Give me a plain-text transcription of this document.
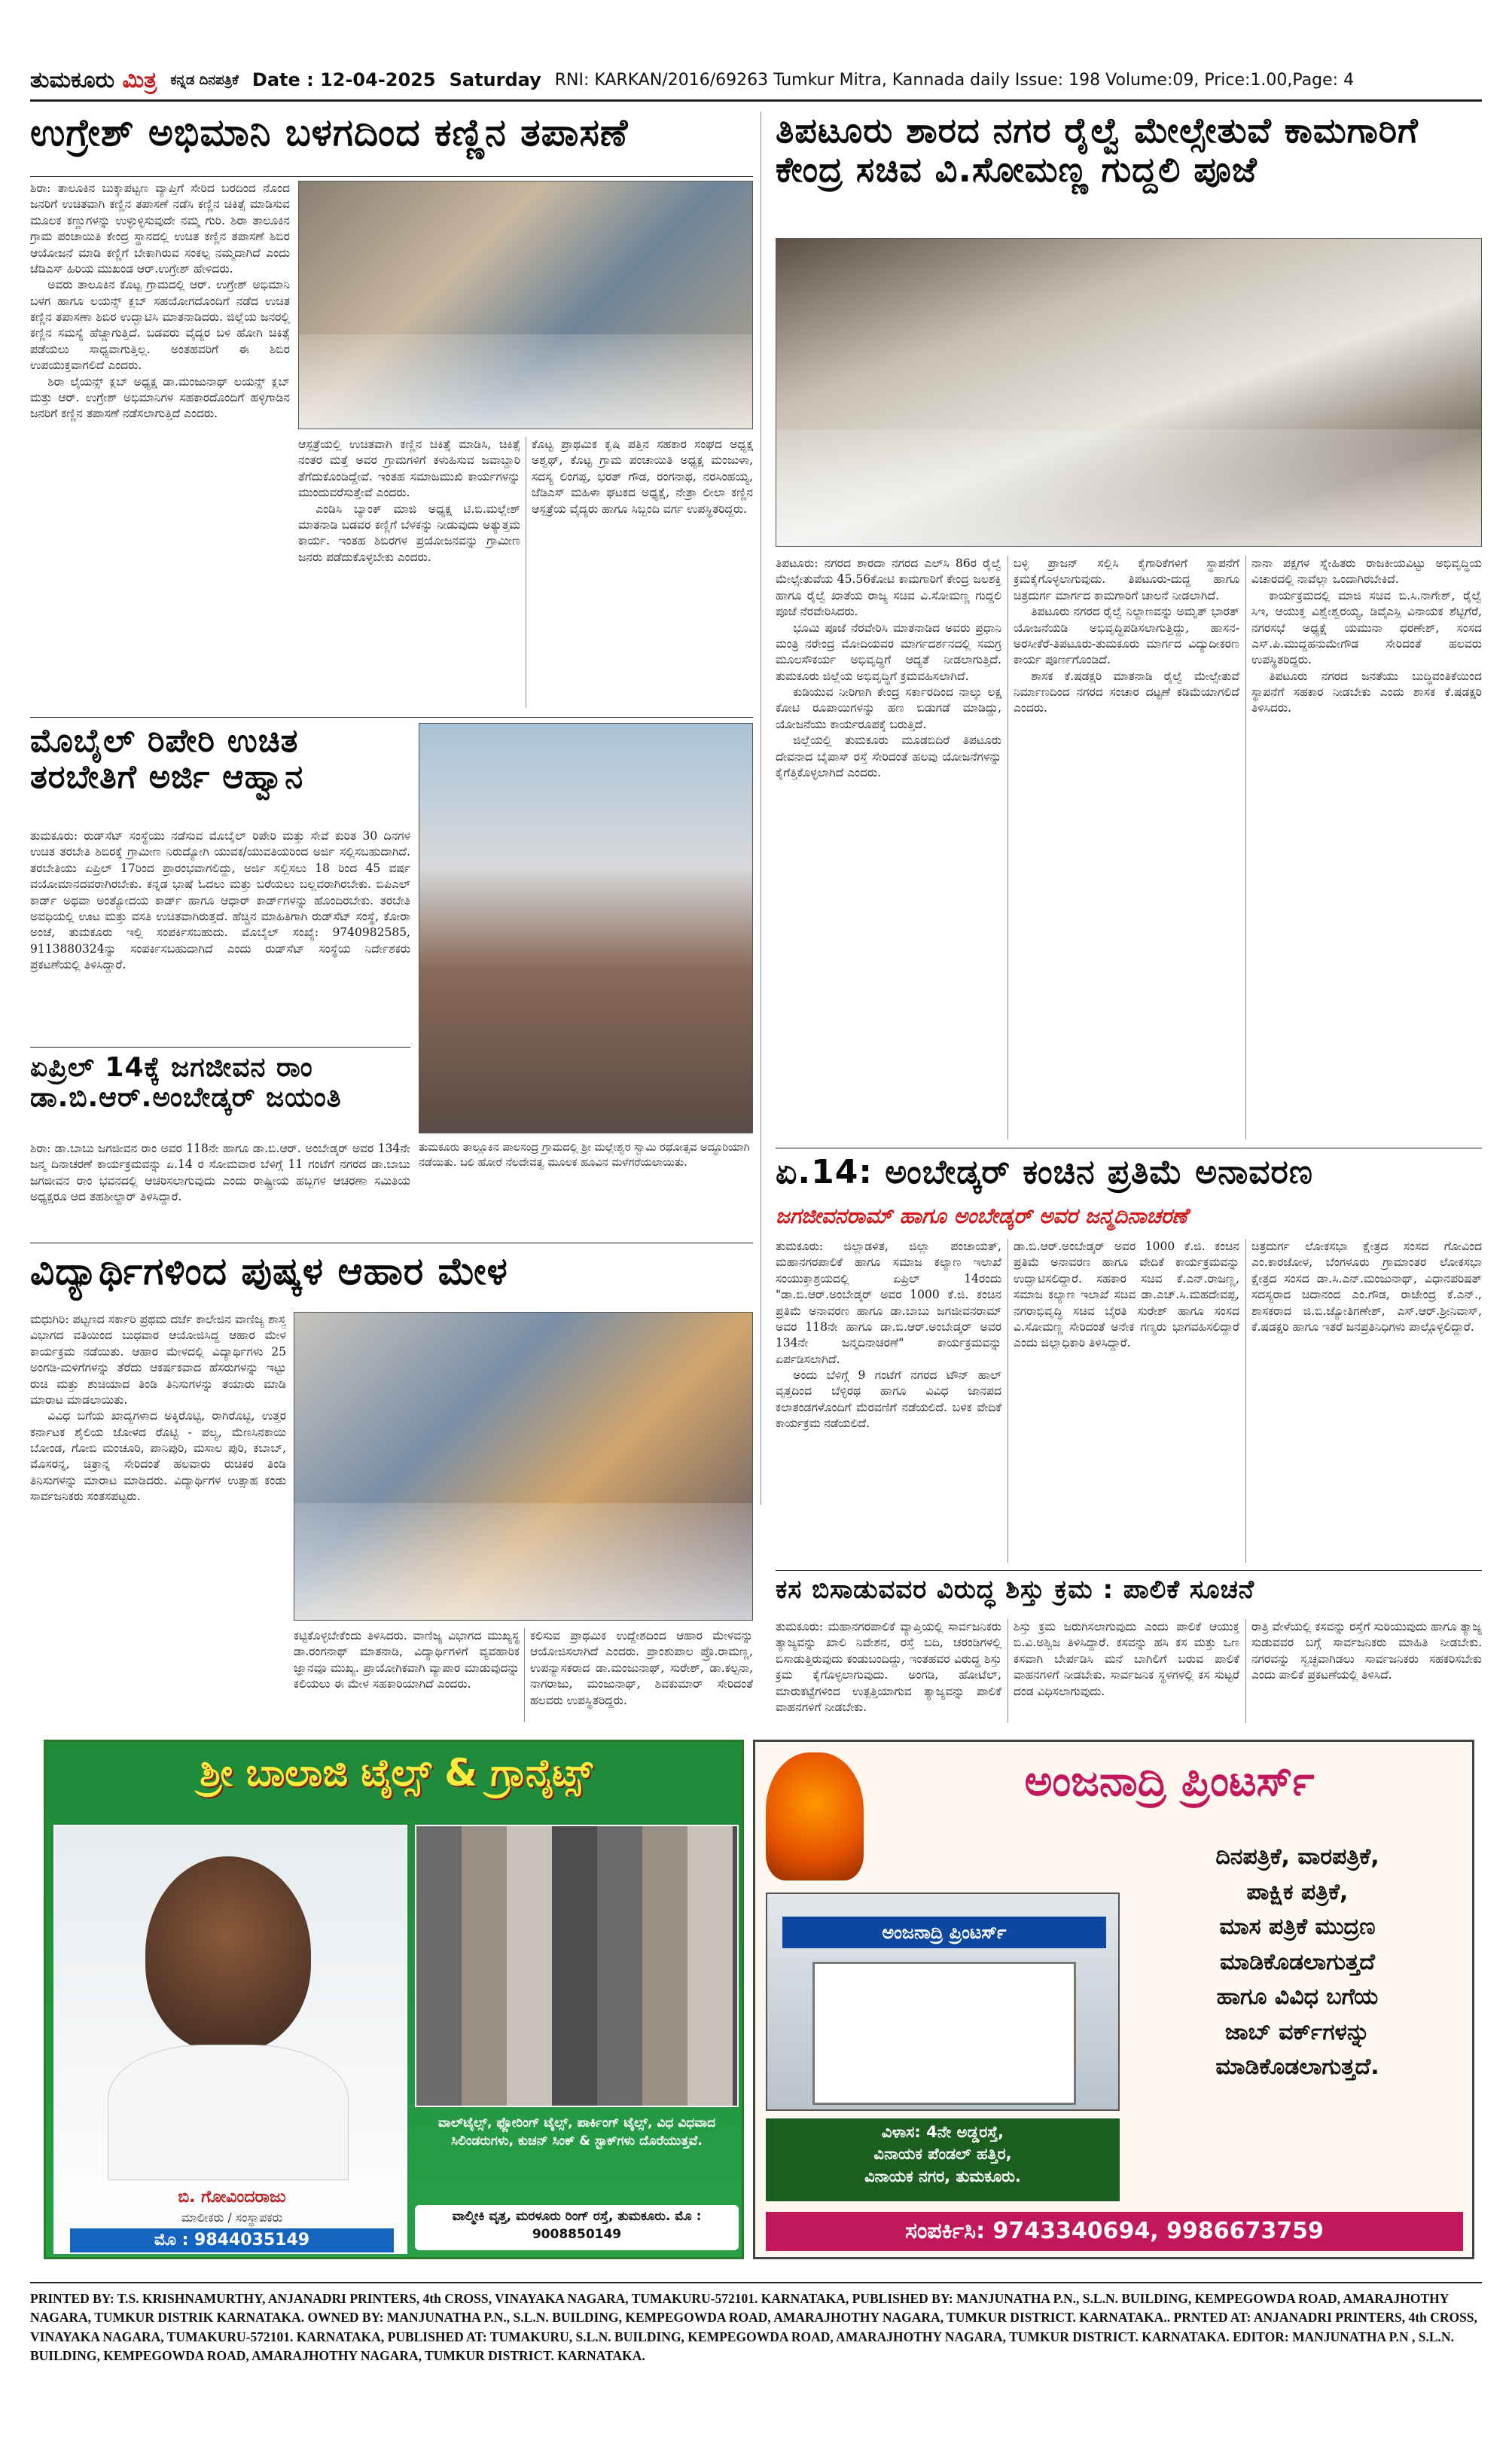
ತುಮಕೂರು ಮಿತ್ರ ಕನ್ನಡ ದಿನಪತ್ರಿಕೆ Date : 12-04-2025 Saturday RNI: KARKAN/2016/69263 Tumkur Mitra, Kannada daily Issue: 198 Volume:09, Price:1.00,Page: 4
ಉಗ್ರೇಶ್ ಅಭಿಮಾನಿ ಬಳಗದಿಂದ ಕಣ್ಣಿನ ತಪಾಸಣೆ
ಶಿರಾ: ತಾಲೂಕಿನ ಬುಕ್ಕಾಪಟ್ಟಣ ವ್ಯಾಪ್ತಿಗೆ ಸೇರಿದ ಬರದಿಂದ ನೊಂದ ಜನರಿಗೆ ಉಚಿತವಾಗಿ ಕಣ್ಣಿನ ತಪಾಸಣೆ ನಡೆಸಿ ಕಣ್ಣಿನ ಚಿಕಿತ್ಸೆ ಮಾಡಿಸುವ ಮೂಲಕ ಕಣ್ಣುಗಳನ್ನು ಉಳ್ಳುಳ್ಳಿಸುವುದೇ ನಮ್ಮ ಗುರಿ. ಶಿರಾ ತಾಲೂಕಿನ ಗ್ರಾಮ ಪಂಚಾಯಿತಿ ಕೇಂದ್ರ ಸ್ಥಾನದಲ್ಲಿ ಉಚಿತ ಕಣ್ಣಿನ ತಪಾಸಣೆ ಶಿಬಿರ ಆಯೋಜನೆ ಮಾಡಿ ಕಣ್ಣಿಗೆ ಬೇಕಾಗಿರುವ ಸಂಕಲ್ಪ ನಮ್ಮದಾಗಿದೆ ಎಂದು ಜೆಡಿಎಸ್ ಹಿರಿಯ ಮುಖಂಡ ಆರ್.ಉಗ್ರೇಶ್ ಹೇಳಿದರು.
ಅವರು ತಾಲೂಕಿನ ಕೊಟ್ಟ ಗ್ರಾಮದಲ್ಲಿ ಆರ್. ಉಗ್ರೇಶ್ ಅಭಿಮಾನಿ ಬಳಗ ಹಾಗೂ ಲಯನ್ಸ್ ಕ್ಲಬ್ ಸಹಯೋಗದೊಂದಿಗೆ ನಡೆದ ಉಚಿತ ಕಣ್ಣಿನ ತಪಾಸಣಾ ಶಿಬಿರ ಉದ್ಘಾಟಿಸಿ ಮಾತನಾಡಿದರು. ಜಿಲ್ಲೆಯ ಜನರಲ್ಲಿ ಕಣ್ಣಿನ ಸಮಸ್ಯೆ ಹೆಚ್ಚಾಗುತ್ತಿದೆ. ಬಡವರು ವೈದ್ಯರ ಬಳಿ ಹೋಗಿ ಚಿಕಿತ್ಸೆ ಪಡೆಯಲು ಸಾಧ್ಯವಾಗುತ್ತಿಲ್ಲ. ಅಂತಹವರಿಗೆ ಈ ಶಿಬಿರ ಉಪಯುಕ್ತವಾಗಲಿದೆ ಎಂದರು.
ಶಿರಾ ಲೈಯನ್ಸ್ ಕ್ಲಬ್ ಅಧ್ಯಕ್ಷ ಡಾ.ಮಂಜುನಾಥ್ ಲಯನ್ಸ್ ಕ್ಲಬ್ ಮತ್ತು ಆರ್. ಉಗ್ರೇಶ್ ಅಭಿಮಾನಿಗಳ ಸಹಕಾರದೊಂದಿಗೆ ಹಳ್ಳಿಗಾಡಿನ ಜನರಿಗೆ ಕಣ್ಣಿನ ತಪಾಸಣೆ ನಡೆಸಲಾಗುತ್ತಿದೆ ಎಂದರು.
ಆಸ್ಪತ್ರೆಯಲ್ಲಿ ಉಚಿತವಾಗಿ ಕಣ್ಣಿನ ಚಿಕಿತ್ಸೆ ಮಾಡಿಸಿ, ಚಿಕಿತ್ಸೆ ನಂತರ ಮತ್ತೆ ಅವರ ಗ್ರಾಮಗಳಿಗೆ ಕಳುಹಿಸುವ ಜವಾಬ್ದಾರಿ ತೆಗೆದುಕೊಂಡಿದ್ದೇವೆ. ಇಂತಹ ಸಮಾಜಮುಖಿ ಕಾರ್ಯಗಳನ್ನು ಮುಂದುವರೆಸುತ್ತೇವೆ ಎಂದರು.
ಎಂಡಿಸಿ ಬ್ಯಾಂಕ್ ಮಾಜಿ ಅಧ್ಯಕ್ಷ ಟಿ.ಬಿ.ಮಲ್ಲೇಶ್ ಮಾತನಾಡಿ ಬಡವರ ಕಣ್ಣಿಗೆ ಬೆಳಕನ್ನು ನೀಡುವುದು ಅತ್ಯುತ್ತಮ ಕಾರ್ಯ. ಇಂತಹ ಶಿಬಿರಗಳ ಪ್ರಯೋಜನವನ್ನು ಗ್ರಾಮೀಣ ಜನರು ಪಡೆದುಕೊಳ್ಳಬೇಕು ಎಂದರು.
ಕೊಟ್ಟ ಪ್ರಾಥಮಿಕ ಕೃಷಿ ಪತ್ತಿನ ಸಹಕಾರ ಸಂಘದ ಅಧ್ಯಕ್ಷ ಅಶ್ವಥ್, ಕೊಟ್ಟ ಗ್ರಾಮ ಪಂಚಾಯಿತಿ ಅಧ್ಯಕ್ಷ ಮಂಜುಳಾ, ಸದಸ್ಯ ಲಿಂಗಪ್ಪ, ಭರತ್ ಗೌಡ, ರಂಗನಾಥ, ನರಸಿಂಹಯ್ಯ, ಜೆಡಿಎಸ್ ಮಹಿಳಾ ಘಟಕದ ಅಧ್ಯಕ್ಷೆ, ನೇತ್ರಾ ಲೀಲಾ ಕಣ್ಣಿನ ಆಸ್ಪತ್ರೆಯ ವೈದ್ಯರು ಹಾಗೂ ಸಿಬ್ಬಂದಿ ವರ್ಗ ಉಪಸ್ಥಿತರಿದ್ದರು.
ತಿಪಟೂರು ಶಾರದ ನಗರ ರೈಲ್ವೆ ಮೇಲ್ಸೇತುವೆ ಕಾಮಗಾರಿಗೆ ಕೇಂದ್ರ ಸಚಿವ ವಿ.ಸೋಮಣ್ಣ ಗುದ್ದಲಿ ಪೂಜೆ
ತಿಪಟೂರು: ನಗರದ ಶಾರದಾ ನಗರದ ಎಲ್‌ಸಿ 86ರ ರೈಲ್ವೆ ಮೇಲ್ಸೇತುವೆಯ 45.56ಕೋಟಿ ಕಾಮಗಾರಿಗೆ ಕೇಂದ್ರ ಜಲಶಕ್ತಿ ಹಾಗೂ ರೈಲ್ವೆ ಖಾತೆಯ ರಾಜ್ಯ ಸಚಿವ ವಿ.ಸೋಮಣ್ಣ ಗುದ್ದಲಿ ಪೂಜೆ ನೆರವೇರಿಸಿದರು.
ಭೂಮಿ ಪೂಜೆ ನೆರವೇರಿಸಿ ಮಾತನಾಡಿದ ಅವರು ಪ್ರಧಾನಿ ಮಂತ್ರಿ ನರೇಂದ್ರ ಮೋದಿಯವರ ಮಾರ್ಗದರ್ಶನದಲ್ಲಿ ಸಮಗ್ರ ಮೂಲಸೌಕರ್ಯ ಅಭಿವೃದ್ಧಿಗೆ ಆದ್ಯತೆ ನೀಡಲಾಗುತ್ತಿದೆ. ತುಮಕೂರು ಜಿಲ್ಲೆಯ ಅಭಿವೃದ್ಧಿಗೆ ಕ್ರಮವಹಿಸಲಾಗಿದೆ.
ಕುಡಿಯುವ ನೀರಿಗಾಗಿ ಕೇಂದ್ರ ಸರ್ಕಾರದಿಂದ ನಾಲ್ಕು ಲಕ್ಷ ಕೋಟಿ ರೂಪಾಯಿಗಳನ್ನು ಹಣ ಬಿಡುಗಡೆ ಮಾಡಿದ್ದು, ಯೋಜನೆಯು ಕಾರ್ಯರೂಪಕ್ಕೆ ಬರುತ್ತಿದೆ.
ಜಿಲ್ಲೆಯಲ್ಲಿ ತುಮಕೂರು ಮೂಡಬಿದಿರೆ ತಿಪಟೂರು ದೇವನಾದ ಬೈಪಾಸ್ ರಸ್ತೆ ಸೇರಿದಂತೆ ಹಲವು ಯೋಜನೆಗಳನ್ನು ಕೈಗೆತ್ತಿಕೊಳ್ಳಲಾಗಿದೆ ಎಂದರು.
ಬಳ್ಳಿ ಪ್ರಾಜನ್ ಸಲ್ಲಿಸಿ ಕೈಗಾರಿಕೆಗಳಿಗೆ ಸ್ಥಾಪನೆಗೆ ಕ್ರಮಕೈಗೊಳ್ಳಲಾಗುವುದು. ತಿಪಟೂರು-ದುದ್ದ ಹಾಗೂ ಚಿತ್ರದುರ್ಗ ಮಾರ್ಗದ ಕಾಮಗಾರಿಗೆ ಚಾಲನೆ ನೀಡಲಾಗಿದೆ.
ತಿಪಟೂರು ನಗರದ ರೈಲ್ವೆ ನಿಲ್ದಾಣವನ್ನು ಅಮೃತ್ ಭಾರತ್ ಯೋಜನೆಯಡಿ ಅಭಿವೃದ್ಧಿಪಡಿಸಲಾಗುತ್ತಿದ್ದು, ಹಾಸನ-ಅರಸೀಕೆರೆ-ತಿಪಟೂರು-ತುಮಕೂರು ಮಾರ್ಗದ ವಿದ್ಯುದೀಕರಣ ಕಾರ್ಯ ಪೂರ್ಣಗೊಂಡಿದೆ.
ಶಾಸಕ ಕೆ.ಷಡಕ್ಷರಿ ಮಾತನಾಡಿ ರೈಲ್ವೆ ಮೇಲ್ಸೇತುವೆ ನಿರ್ಮಾಣದಿಂದ ನಗರದ ಸಂಚಾರ ದಟ್ಟಣೆ ಕಡಿಮೆಯಾಗಲಿದೆ ಎಂದರು.
ನಾನಾ ಪಕ್ಷಗಳ ಸ್ನೇಹಿತರು ರಾಜಕೀಯವಿಟ್ಟು ಅಭಿವೃದ್ಧಿಯ ವಿಚಾರದಲ್ಲಿ ನಾವೆಲ್ಲಾ ಒಂದಾಗಿರಬೇಕಿದೆ.
ಕಾರ್ಯಕ್ರಮದಲ್ಲಿ ಮಾಜಿ ಸಚಿವ ಬಿ.ಸಿ.ನಾಗೇಶ್, ರೈಲ್ವೆ ಸಿಇ, ಆಯುಕ್ತ ವಿಶ್ವೇಶ್ವರಯ್ಯ, ಡಿವೈಎಸ್ಪಿ ವಿನಾಯಕ ಶೆಟ್ಟಿಗೆರೆ, ನಗರಸಭೆ ಅಧ್ಯಕ್ಷೆ ಯಮುನಾ ಧರಣೇಶ್, ಸಂಸದ ಎಸ್.ಪಿ.ಮುದ್ದಹನುಮೇಗೌಡ ಸೇರಿದಂತೆ ಹಲವರು ಉಪಸ್ಥಿತರಿದ್ದರು.
ತಿಪಟೂರು ನಗರದ ಜನತೆಯು ಬುದ್ಧಿವಂತಿಕೆಯಿಂದ ಸ್ಥಾಪನೆಗೆ ಸಹಕಾರ ನೀಡಬೇಕು ಎಂದು ಶಾಸಕ ಕೆ.ಷಡಕ್ಷರಿ ತಿಳಿಸಿದರು.
ಮೊಬೈಲ್ ರಿಪೇರಿ ಉಚಿತ ತರಬೇತಿಗೆ ಅರ್ಜಿ ಆಹ್ವಾನ
ತುಮಕೂರು: ರುಡ್‌ಸೆಟ್ ಸಂಸ್ಥೆಯು ನಡೆಸುವ ಮೊಬೈಲ್ ರಿಪೇರಿ ಮತ್ತು ಸೇವೆ ಕುರಿತ 30 ದಿನಗಳ ಉಚಿತ ತರಬೇತಿ ಶಿಬಿರಕ್ಕೆ ಗ್ರಾಮೀಣ ನಿರುದ್ಯೋಗಿ ಯುವಕ/ಯುವತಿಯರಿಂದ ಅರ್ಜಿ ಸಲ್ಲಿಸಬಹುದಾಗಿದೆ. ತರಬೇತಿಯು ಏಪ್ರಿಲ್ 17ರಿಂದ ಪ್ರಾರಂಭವಾಗಲಿದ್ದು, ಅರ್ಜಿ ಸಲ್ಲಿಸಲು 18 ರಿಂದ 45 ವರ್ಷ ವಯೋಮಾನದವರಾಗಿರಬೇಕು. ಕನ್ನಡ ಭಾಷೆ ಓದಲು ಮತ್ತು ಬರೆಯಲು ಬಲ್ಲವರಾಗಿರಬೇಕು. ಬಿಪಿಎಲ್ ಕಾರ್ಡ್ ಅಥವಾ ಅಂತ್ಯೋದಯ ಕಾರ್ಡ್ ಹಾಗೂ ಆಧಾರ್ ಕಾರ್ಡ್‌ಗಳನ್ನು ಹೊಂದಿರಬೇಕು. ತರಬೇತಿ ಅವಧಿಯಲ್ಲಿ ಊಟ ಮತ್ತು ವಸತಿ ಉಚಿತವಾಗಿರುತ್ತದೆ. ಹೆಚ್ಚಿನ ಮಾಹಿತಿಗಾಗಿ ರುಡ್‌ಸೆಟ್ ಸಂಸ್ಥೆ, ಕೋರಾ ಅಂಚೆ, ತುಮಕೂರು ಇಲ್ಲಿ ಸಂಪರ್ಕಿಸಬಹುದು. ಮೊಬೈಲ್ ಸಂಖ್ಯೆ: 9740982585, 9113880324ನ್ನು ಸಂಪರ್ಕಿಸಬಹುದಾಗಿದೆ ಎಂದು ರುಡ್‌ಸೆಟ್ ಸಂಸ್ಥೆಯ ನಿರ್ದೇಶಕರು ಪ್ರಕಟಣೆಯಲ್ಲಿ ತಿಳಿಸಿದ್ದಾರೆ.
ತುಮಕೂರು ತಾಲ್ಲೂಕಿನ ಪಾಲಸಂದ್ರ ಗ್ರಾಮದಲ್ಲಿ ಶ್ರೀ ಮಲ್ಲೇಶ್ವರ ಸ್ವಾಮಿ ರಥೋತ್ಸವ ಅದ್ಧೂರಿಯಾಗಿ ನಡೆಯಿತು. ಬಲಿ ಹೋರೆ ನೆಲದೇವತ್ವ ಮೂಲಕ ಹೂವಿನ ಮಳೆಗರೆಯಲಾಯಿತು.
ಏಪ್ರಿಲ್ 14ಕ್ಕೆ ಜಗಜೀವನ ರಾಂ ಡಾ.ಬಿ.ಆರ್.ಅಂಬೇಡ್ಕರ್ ಜಯಂತಿ
ಶಿರಾ: ಡಾ.ಬಾಬು ಜಗಜೀವನ ರಾಂ ಅವರ 118ನೇ ಹಾಗೂ ಡಾ.ಬಿ.ಆರ್. ಅಂಬೇಡ್ಕರ್ ಅವರ 134ನೇ ಜನ್ಮ ದಿನಾಚರಣೆ ಕಾರ್ಯಕ್ರಮವನ್ನು ಏ.14 ರ ಸೋಮವಾರ ಬೆಳಿಗ್ಗೆ 11 ಗಂಟೆಗೆ ನಗರದ ಡಾ.ಬಾಬು ಜಗಜೀವನ ರಾಂ ಭವನದಲ್ಲಿ ಆಚರಿಸಲಾಗುವುದು ಎಂದು ರಾಷ್ಟ್ರೀಯ ಹಬ್ಬಗಳ ಆಚರಣಾ ಸಮಿತಿಯ ಅಧ್ಯಕ್ಷರೂ ಆದ ತಹಶೀಲ್ದಾರ್ ತಿಳಿಸಿದ್ದಾರೆ.
ಏ.14: ಅಂಬೇಡ್ಕರ್ ಕಂಚಿನ ಪ್ರತಿಮೆ ಅನಾವರಣ
ಜಗಜೀವನರಾಮ್ ಹಾಗೂ ಅಂಬೇಡ್ಕರ್ ಅವರ ಜನ್ಮದಿನಾಚರಣೆ
ತುಮಕೂರು: ಜಿಲ್ಲಾಡಳಿತ, ಜಿಲ್ಲಾ ಪಂಚಾಯತ್, ಮಹಾನಗರಪಾಲಿಕೆ ಹಾಗೂ ಸಮಾಜ ಕಲ್ಯಾಣ ಇಲಾಖೆ ಸಂಯುಕ್ತಾಶ್ರಯದಲ್ಲಿ ಏಪ್ರಿಲ್ 14ರಂದು "ಡಾ.ಬಿ.ಆರ್.ಅಂಬೇಡ್ಕರ್ ಅವರ 1000 ಕೆ.ಜಿ. ಕಂಚಿನ ಪ್ರತಿಮೆ ಅನಾವರಣ ಹಾಗೂ ಡಾ.ಬಾಬು ಜಗಜೀವನರಾಮ್ ಅವರ 118ನೇ ಹಾಗೂ ಡಾ.ಬಿ.ಆರ್.ಅಂಬೇಡ್ಕರ್ ಅವರ 134ನೇ ಜನ್ಮದಿನಾಚರಣೆ" ಕಾರ್ಯಕ್ರಮವನ್ನು ಏರ್ಪಡಿಸಲಾಗಿದೆ.
ಅಂದು ಬೆಳಿಗ್ಗೆ 9 ಗಂಟೆಗೆ ನಗರದ ಟೌನ್ ಹಾಲ್ ವೃತ್ತದಿಂದ ಬೆಳ್ಳಿರಥ ಹಾಗೂ ವಿವಿಧ ಜಾನಪದ ಕಲಾತಂಡಗಳೊಂದಿಗೆ ಮೆರವಣಿಗೆ ನಡೆಯಲಿದೆ. ಬಳಿಕ ವೇದಿಕೆ ಕಾರ್ಯಕ್ರಮ ನಡೆಯಲಿದೆ.
ಡಾ.ಬಿ.ಆರ್.ಅಂಬೇಡ್ಕರ್ ಅವರ 1000 ಕೆ.ಜಿ. ಕಂಚಿನ ಪ್ರತಿಮೆ ಅನಾವರಣ ಹಾಗೂ ವೇದಿಕೆ ಕಾರ್ಯಕ್ರಮವನ್ನು ಉದ್ಘಾಟಿಸಲಿದ್ದಾರೆ. ಸಹಕಾರ ಸಚಿವ ಕೆ.ಎನ್.ರಾಜಣ್ಣ, ಸಮಾಜ ಕಲ್ಯಾಣ ಇಲಾಖೆ ಸಚಿವ ಡಾ.ಎಚ್.ಸಿ.ಮಹದೇವಪ್ಪ, ನಗರಾಭಿವೃದ್ಧಿ ಸಚಿವ ಬೈರತಿ ಸುರೇಶ್ ಹಾಗೂ ಸಂಸದ ವಿ.ಸೋಮಣ್ಣ ಸೇರಿದಂತೆ ಅನೇಕ ಗಣ್ಯರು ಭಾಗವಹಿಸಲಿದ್ದಾರೆ ಎಂದು ಜಿಲ್ಲಾಧಿಕಾರಿ ತಿಳಿಸಿದ್ದಾರೆ.
ಚಿತ್ರದುರ್ಗ ಲೋಕಸಭಾ ಕ್ಷೇತ್ರದ ಸಂಸದ ಗೋವಿಂದ ಎಂ.ಕಾರಜೋಳ, ಬೆಂಗಳೂರು ಗ್ರಾಮಾಂತರ ಲೋಕಸಭಾ ಕ್ಷೇತ್ರದ ಸಂಸದ ಡಾ.ಸಿ.ಎನ್.ಮಂಜುನಾಥ್, ವಿಧಾನಪರಿಷತ್ ಸದಸ್ಯರಾದ ಚಿದಾನಂದ ಎಂ.ಗೌಡ, ರಾಜೇಂದ್ರ ಕೆ.ಎನ್., ಶಾಸಕರಾದ ಜಿ.ಬಿ.ಜ್ಯೋತಿಗಣೇಶ್, ಎಸ್.ಆರ್.ಶ್ರೀನಿವಾಸ್, ಕೆ.ಷಡಕ್ಷರಿ ಹಾಗೂ ಇತರೆ ಜನಪ್ರತಿನಿಧಿಗಳು ಪಾಲ್ಗೊಳ್ಳಲಿದ್ದಾರೆ.
ವಿದ್ಯಾರ್ಥಿಗಳಿಂದ ಪುಷ್ಕಳ ಆಹಾರ ಮೇಳ
ಮಧುಗಿರಿ: ಪಟ್ಟಣದ ಸರ್ಕಾರಿ ಪ್ರಥಮ ದರ್ಜೆ ಕಾಲೇಜಿನ ವಾಣಿಜ್ಯ ಶಾಸ್ತ್ರ ವಿಭಾಗದ ವತಿಯಿಂದ ಬುಧವಾರ ಆಯೋಜಿಸಿದ್ದ ಆಹಾರ ಮೇಳ ಕಾರ್ಯಕ್ರಮ ನಡೆಯಿತು. ಆಹಾರ ಮೇಳದಲ್ಲಿ ವಿದ್ಯಾರ್ಥಿಗಳು 25 ಅಂಗಡಿ-ಮಳಿಗೆಗಳನ್ನು ತೆರೆದು ಆಕರ್ಷಕವಾದ ಹೆಸರುಗಳನ್ನು ಇಟ್ಟು ರುಚಿ ಮತ್ತು ಶುಚಿಯಾದ ತಿಂಡಿ ತಿನಿಸುಗಳನ್ನು ತಯಾರು ಮಾಡಿ ಮಾರಾಟ ಮಾಡಲಾಯಿತು.
ವಿವಿಧ ಬಗೆಯ ಖಾದ್ಯಗಳಾದ ಅಕ್ಕಿರೊಟ್ಟಿ, ರಾಗಿರೊಟ್ಟಿ, ಉತ್ತರ ಕರ್ನಾಟಕ ಶೈಲಿಯ ಜೋಳದ ರೊಟ್ಟಿ - ಪಲ್ಯ, ಮೆಣಸಿನಕಾಯಿ ಬೋಂಡ, ಗೋಬಿ ಮಂಚೂರಿ, ಪಾನಿಪುರಿ, ಮಸಾಲ ಪುರಿ, ಕಬಾಬ್, ಮೊಸರನ್ನ, ಚಿತ್ರಾನ್ನ ಸೇರಿದಂತೆ ಹಲವಾರು ರುಚಿಕರ ತಿಂಡಿ ತಿನಿಸುಗಳನ್ನು ಮಾರಾಟ ಮಾಡಿದರು. ವಿದ್ಯಾರ್ಥಿಗಳ ಉತ್ಸಾಹ ಕಂಡು ಸಾರ್ವಜನಿಕರು ಸಂತಸಪಟ್ಟರು.
ಕಟ್ಟಿಕೊಳ್ಳಬೇಕೆಂದು ತಿಳಿಸಿದರು. ವಾಣಿಜ್ಯ ವಿಭಾಗದ ಮುಖ್ಯಸ್ಥ ಡಾ.ರಂಗನಾಥ್ ಮಾತನಾಡಿ, ವಿದ್ಯಾರ್ಥಿಗಳಿಗೆ ವ್ಯವಹಾರಿಕ ಜ್ಞಾನವೂ ಮುಖ್ಯ. ಪ್ರಾಯೋಗಿಕವಾಗಿ ವ್ಯಾಪಾರ ಮಾಡುವುದನ್ನು ಕಲಿಯಲು ಈ ಮೇಳ ಸಹಕಾರಿಯಾಗಿದೆ ಎಂದರು.
ಕಲಿಸುವ ಪ್ರಾಥಮಿಕ ಉದ್ದೇಶದಿಂದ ಆಹಾರ ಮೇಳವನ್ನು ಆಯೋಜಿಸಲಾಗಿದೆ ಎಂದರು. ಪ್ರಾಂಶುಪಾಲ ಪ್ರೊ.ರಾಮಣ್ಣ, ಉಪನ್ಯಾಸಕರಾದ ಡಾ.ಮಂಜುನಾಥ್, ಸುರೇಶ್, ಡಾ.ಕಲ್ಪನಾ, ನಾಗರಾಜು, ಮಂಜುನಾಥ್, ಶಿವಕುಮಾರ್ ಸೇರಿದಂತೆ ಹಲವರು ಉಪಸ್ಥಿತರಿದ್ದರು.
ಕಸ ಬಿಸಾಡುವವರ ವಿರುದ್ಧ ಶಿಸ್ತು ಕ್ರಮ : ಪಾಲಿಕೆ ಸೂಚನೆ
ತುಮಕೂರು: ಮಹಾನಗರಪಾಲಿಕೆ ವ್ಯಾಪ್ತಿಯಲ್ಲಿ ಸಾರ್ವಜನಿಕರು ತ್ಯಾಜ್ಯವನ್ನು ಖಾಲಿ ನಿವೇಶನ, ರಸ್ತೆ ಬದಿ, ಚರಂಡಿಗಳಲ್ಲಿ ಬಿಸಾಡುತ್ತಿರುವುದು ಕಂಡುಬಂದಿದ್ದು, ಇಂತಹವರ ವಿರುದ್ಧ ಶಿಸ್ತು ಕ್ರಮ ಕೈಗೊಳ್ಳಲಾಗುವುದು. ಅಂಗಡಿ, ಹೋಟೆಲ್, ಮಾರುಕಟ್ಟೆಗಳಿಂದ ಉತ್ಪತ್ತಿಯಾಗುವ ತ್ಯಾಜ್ಯವನ್ನು ಪಾಲಿಕೆ ವಾಹನಗಳಿಗೆ ನೀಡಬೇಕು.
ಶಿಸ್ತು ಕ್ರಮ ಜರುಗಿಸಲಾಗುವುದು ಎಂದು ಪಾಲಿಕೆ ಆಯುಕ್ತ ಬಿ.ವಿ.ಅಶ್ವಿಜ ತಿಳಿಸಿದ್ದಾರೆ. ಕಸವನ್ನು ಹಸಿ ಕಸ ಮತ್ತು ಒಣ ಕಸವಾಗಿ ಬೇರ್ಪಡಿಸಿ ಮನೆ ಬಾಗಿಲಿಗೆ ಬರುವ ಪಾಲಿಕೆ ವಾಹನಗಳಿಗೆ ನೀಡಬೇಕು. ಸಾರ್ವಜನಿಕ ಸ್ಥಳಗಳಲ್ಲಿ ಕಸ ಸುಟ್ಟರೆ ದಂಡ ವಿಧಿಸಲಾಗುವುದು.
ರಾತ್ರಿ ವೇಳೆಯಲ್ಲಿ ಕಸವನ್ನು ರಸ್ತೆಗೆ ಸುರಿಯುವುದು ಹಾಗೂ ತ್ಯಾಜ್ಯ ಸುಡುವವರ ಬಗ್ಗೆ ಸಾರ್ವಜನಿಕರು ಮಾಹಿತಿ ನೀಡಬೇಕು. ನಗರವನ್ನು ಸ್ವಚ್ಛವಾಗಿಡಲು ಸಾರ್ವಜನಿಕರು ಸಹಕರಿಸಬೇಕು ಎಂದು ಪಾಲಿಕೆ ಪ್ರಕಟಣೆಯಲ್ಲಿ ತಿಳಿಸಿದೆ.
ಶ್ರೀ ಬಾಲಾಜಿ ಟೈಲ್ಸ್ & ಗ್ರಾನೈಟ್ಸ್
ಬಿ. ಗೋವಿಂದರಾಜು
ಮಾಲೀಕರು / ಸಂಸ್ಥಾಪಕರು
ಮೊ : 9844035149
ವಾಲ್‌ಟೈಲ್ಸ್, ಫ್ಲೋರಿಂಗ್ ಟೈಲ್ಸ್, ಪಾರ್ಕಿಂಗ್ ಟೈಲ್ಸ್, ವಿಧ ವಿಧವಾದ ಸಿಲಿಂಡರುಗಳು, ಕುಚನ್ ಸಿಂಕ್ & ಸ್ಟಾಕ್‌ಗಳು ದೊರೆಯುತ್ತವೆ.
ವಾಲ್ಮೀಕಿ ವೃತ್ತ, ಮರಳೂರು ರಿಂಗ್ ರಸ್ತೆ, ತುಮಕೂರು. ಮೊ : 9008850149
ಅಂಜನಾದ್ರಿ ಪ್ರಿಂಟರ್ಸ್
ಅಂಜನಾದ್ರಿ ಪ್ರಿಂಟರ್ಸ್
ವಿಳಾಸ: 4ನೇ ಅಡ್ಡರಸ್ತೆ,
ವಿನಾಯಕ ಪೆಂಡಲ್ ಹತ್ತಿರ,
ವಿನಾಯಕ ನಗರ, ತುಮಕೂರು.
ದಿನಪತ್ರಿಕೆ, ವಾರಪತ್ರಿಕೆ,
ಪಾಕ್ಷಿಕ ಪತ್ರಿಕೆ,
ಮಾಸ ಪತ್ರಿಕೆ ಮುದ್ರಣ
ಮಾಡಿಕೊಡಲಾಗುತ್ತದೆ
ಹಾಗೂ ವಿವಿಧ ಬಗೆಯ
ಜಾಬ್ ವರ್ಕ್‌ಗಳನ್ನು
ಮಾಡಿಕೊಡಲಾಗುತ್ತದೆ.
ಸಂಪರ್ಕಿಸಿ: 9743340694, 9986673759
PRINTED BY: T.S. KRISHNAMURTHY, ANJANADRI PRINTERS, 4th CROSS, VINAYAKA NAGARA, TUMAKURU-572101. KARNATAKA, PUBLISHED BY: MANJUNATHA P.N., S.L.N. BUILDING, KEMPEGOWDA ROAD, AMARAJHOTHY NAGARA, TUMKUR DISTRIK KARNATAKA. OWNED BY: MANJUNATHA P.N., S.L.N. BUILDING, KEMPEGOWDA ROAD, AMARAJHOTHY NAGARA, TUMKUR DISTRICT. KARNATAKA.. PRNTED AT: ANJANADRI PRINTERS, 4th CROSS, VINAYAKA NAGARA, TUMAKURU-572101. KARNATAKA, PUBLISHED AT: TUMAKURU, S.L.N. BUILDING, KEMPEGOWDA ROAD, AMARAJHOTHY NAGARA, TUMKUR DISTRICT. KARNATAKA. EDITOR: MANJUNATHA P.N , S.L.N. BUILDING, KEMPEGOWDA ROAD, AMARAJHOTHY NAGARA, TUMKUR DISTRICT. KARNATAKA.
